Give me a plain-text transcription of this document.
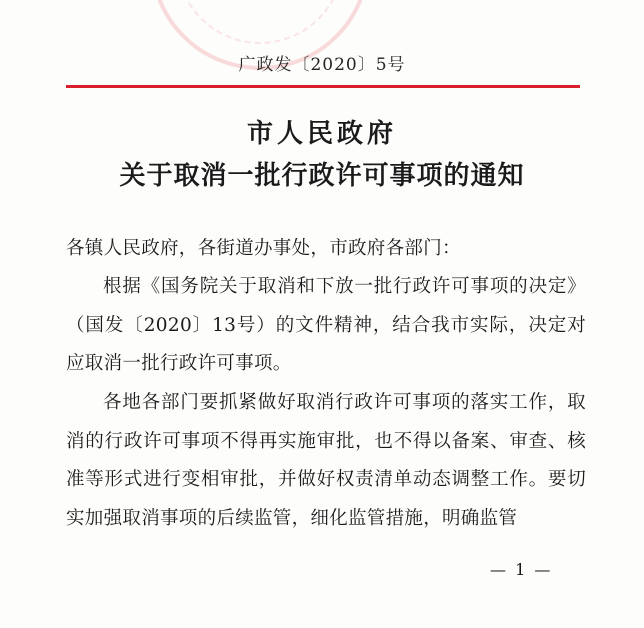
广政发〔2020〕5号
市人民政府
关于取消一批行政许可事项的通知
各镇人民政府，各街道办事处，市政府各部门：
根据《国务院关于取消和下放一批行政许可事项的决定》（国发〔2020〕13号）的文件精神，结合我市实际，决定对应取消一批行政许可事项。
各地各部门要抓紧做好取消行政许可事项的落实工作，取消的行政许可事项不得再实施审批，也不得以备案、审查、核准等形式进行变相审批，并做好权责清单动态调整工作。要切实加强取消事项的后续监管，细化监管措施，明确监管
— 1 —
